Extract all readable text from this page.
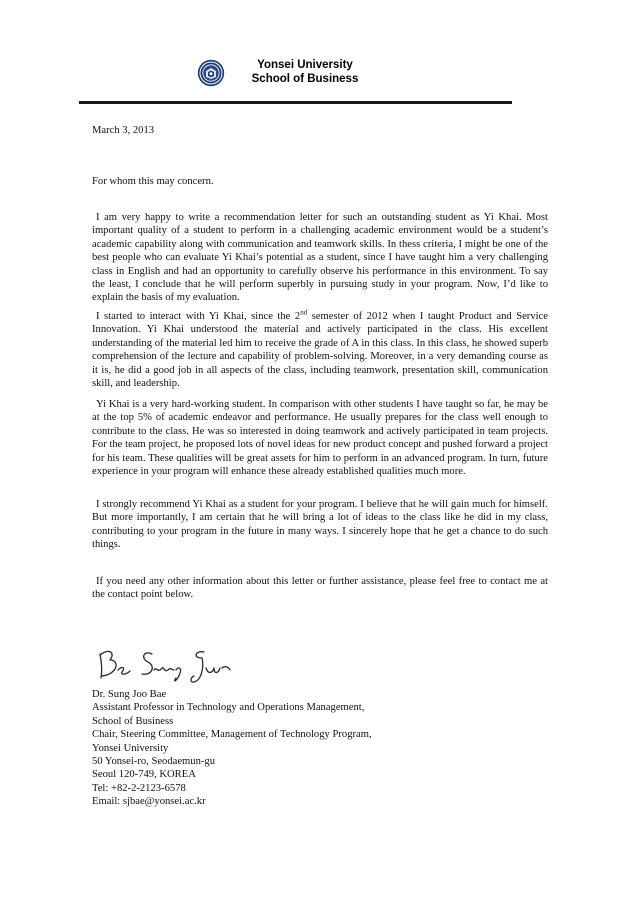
Yonsei University
School of Business
March 3, 2013
For whom this may concern.

I am very happy to write a recommendation letter for such an outstanding student as Yi Khai. Most important quality of a student to perform in a challenging academic environment would be a student’s academic capability along with communication and teamwork skills. In thess criteria, I might be one of the best people who can evaluate Yi Khai’s potential as a student, since I have taught him a very challenging class in English and had an opportunity to carefully observe his performance in this environment. To say the least, I conclude that he will perform superbly in pursuing study in your program. Now, I’d like to explain the basis of my evaluation.

I started to interact with Yi Khai, since the 2nd semester of 2012 when I taught Product and Service Innovation. Yi Khai understood the material and actively participated in the class. His excellent understanding of the material led him to receive the grade of A in this class. In this class, he showed superb comprehension of the lecture and capability of problem-solving. Moreover, in a very demanding course as it is, he did a good job in all aspects of the class, including teamwork, presentation skill, communication skill, and leadership.

Yi Khai is a very hard-working student. In comparison with other students I have taught so far, he may be at the top 5% of academic endeavor and performance. He usually prepares for the class well enough to contribute to the class. He was so interested in doing teamwork and actively participated in team projects. For the team project, he proposed lots of novel ideas for new product concept and pushed forward a project for his team. These qualities will be great assets for him to perform in an advanced program. In turn, future experience in your program will enhance these already established qualities much more.

I strongly recommend Yi Khai as a student for your program. I believe that he will gain much for himself. But more importantly, I am certain that he will bring a lot of ideas to the class like he did in my class, contributing to your program in the future in many ways. I sincerely hope that he get a chance to do such things.

If you need any other information about this letter or further assistance, please feel free to contact me at the contact point below.

Dr. Sung Joo Bae
Assistant Professor in Technology and Operations Management,
School of Business
Chair, Steering Committee, Management of Technology Program,
Yonsei University
50 Yonsei-ro, Seodaemun-gu
Seoul 120-749, KOREA
Tel: +82-2-2123-6578
Email: sjbae@yonsei.ac.kr
